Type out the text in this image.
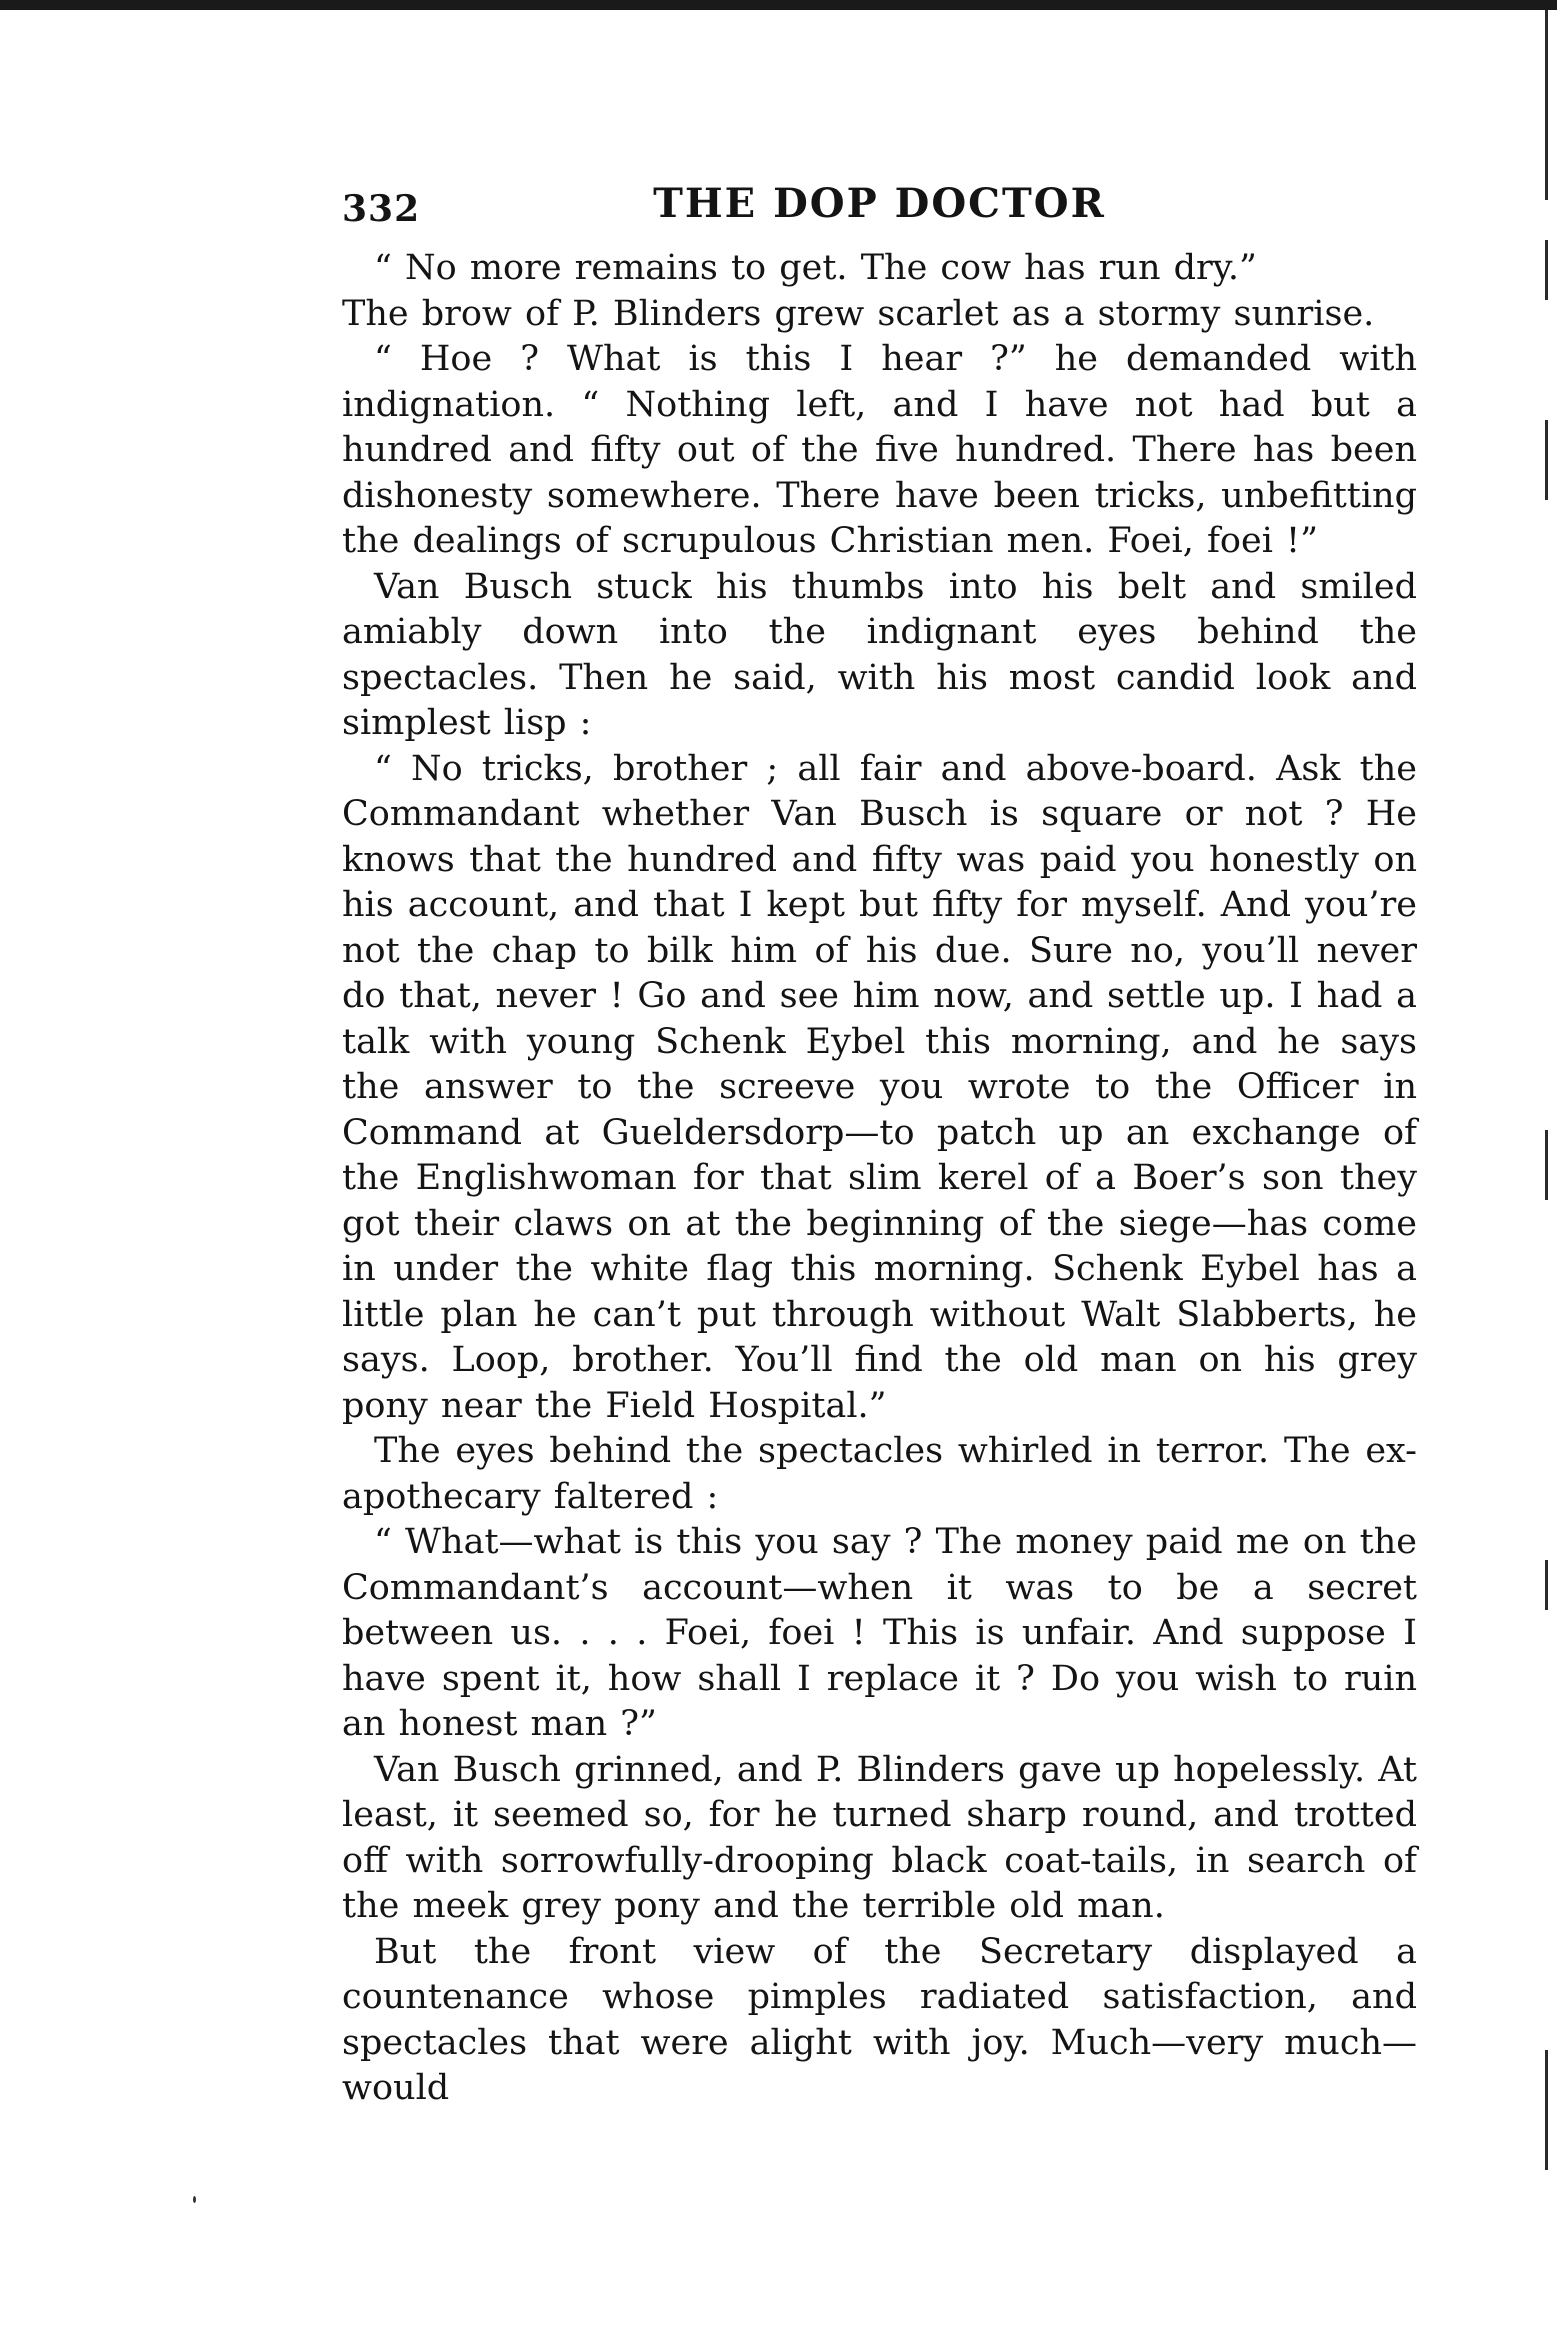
332	THE DOP DOCTOR

“ No more remains to get. The cow has run dry.”

The brow of P. Blinders grew scarlet as a stormy sunrise.

“ Hoe ? What is this I hear ?” he demanded with indignation. “ Nothing left, and I have not had but a hundred and fifty out of the five hundred. There has been dishonesty somewhere. There have been tricks, unbefitting the dealings of scrupulous Christian men. Foei, foei !”

Van Busch stuck his thumbs into his belt and smiled amiably down into the indignant eyes behind the spectacles. Then he said, with his most candid look and simplest lisp :

“ No tricks, brother ; all fair and above-board. Ask the Commandant whether Van Busch is square or not ? He knows that the hundred and fifty was paid you honestly on his account, and that I kept but fifty for myself. And you’re not the chap to bilk him of his due. Sure no, you’ll never do that, never ! Go and see him now, and settle up. I had a talk with young Schenk Eybel this morning, and he says the answer to the screeve you wrote to the Officer in Command at Gueldersdorp—to patch up an exchange of the Englishwoman for that slim kerel of a Boer’s son they got their claws on at the beginning of the siege—has come in under the white flag this morning. Schenk Eybel has a little plan he can’t put through without Walt Slabberts, he says. Loop, brother. You’ll find the old man on his grey pony near the Field Hospital.”

The eyes behind the spectacles whirled in terror. The ex-apothecary faltered :

“ What—what is this you say ? The money paid me on the Commandant’s account—when it was to be a secret between us. . . . Foei, foei ! This is unfair. And suppose I have spent it, how shall I replace it ? Do you wish to ruin an honest man ?”

Van Busch grinned, and P. Blinders gave up hopelessly. At least, it seemed so, for he turned sharp round, and trotted off with sorrowfully-drooping black coat-tails, in search of the meek grey pony and the terrible old man.

But the front view of the Secretary displayed a countenance whose pimples radiated satisfaction, and spectacles that were alight with joy. Much—very much—would
